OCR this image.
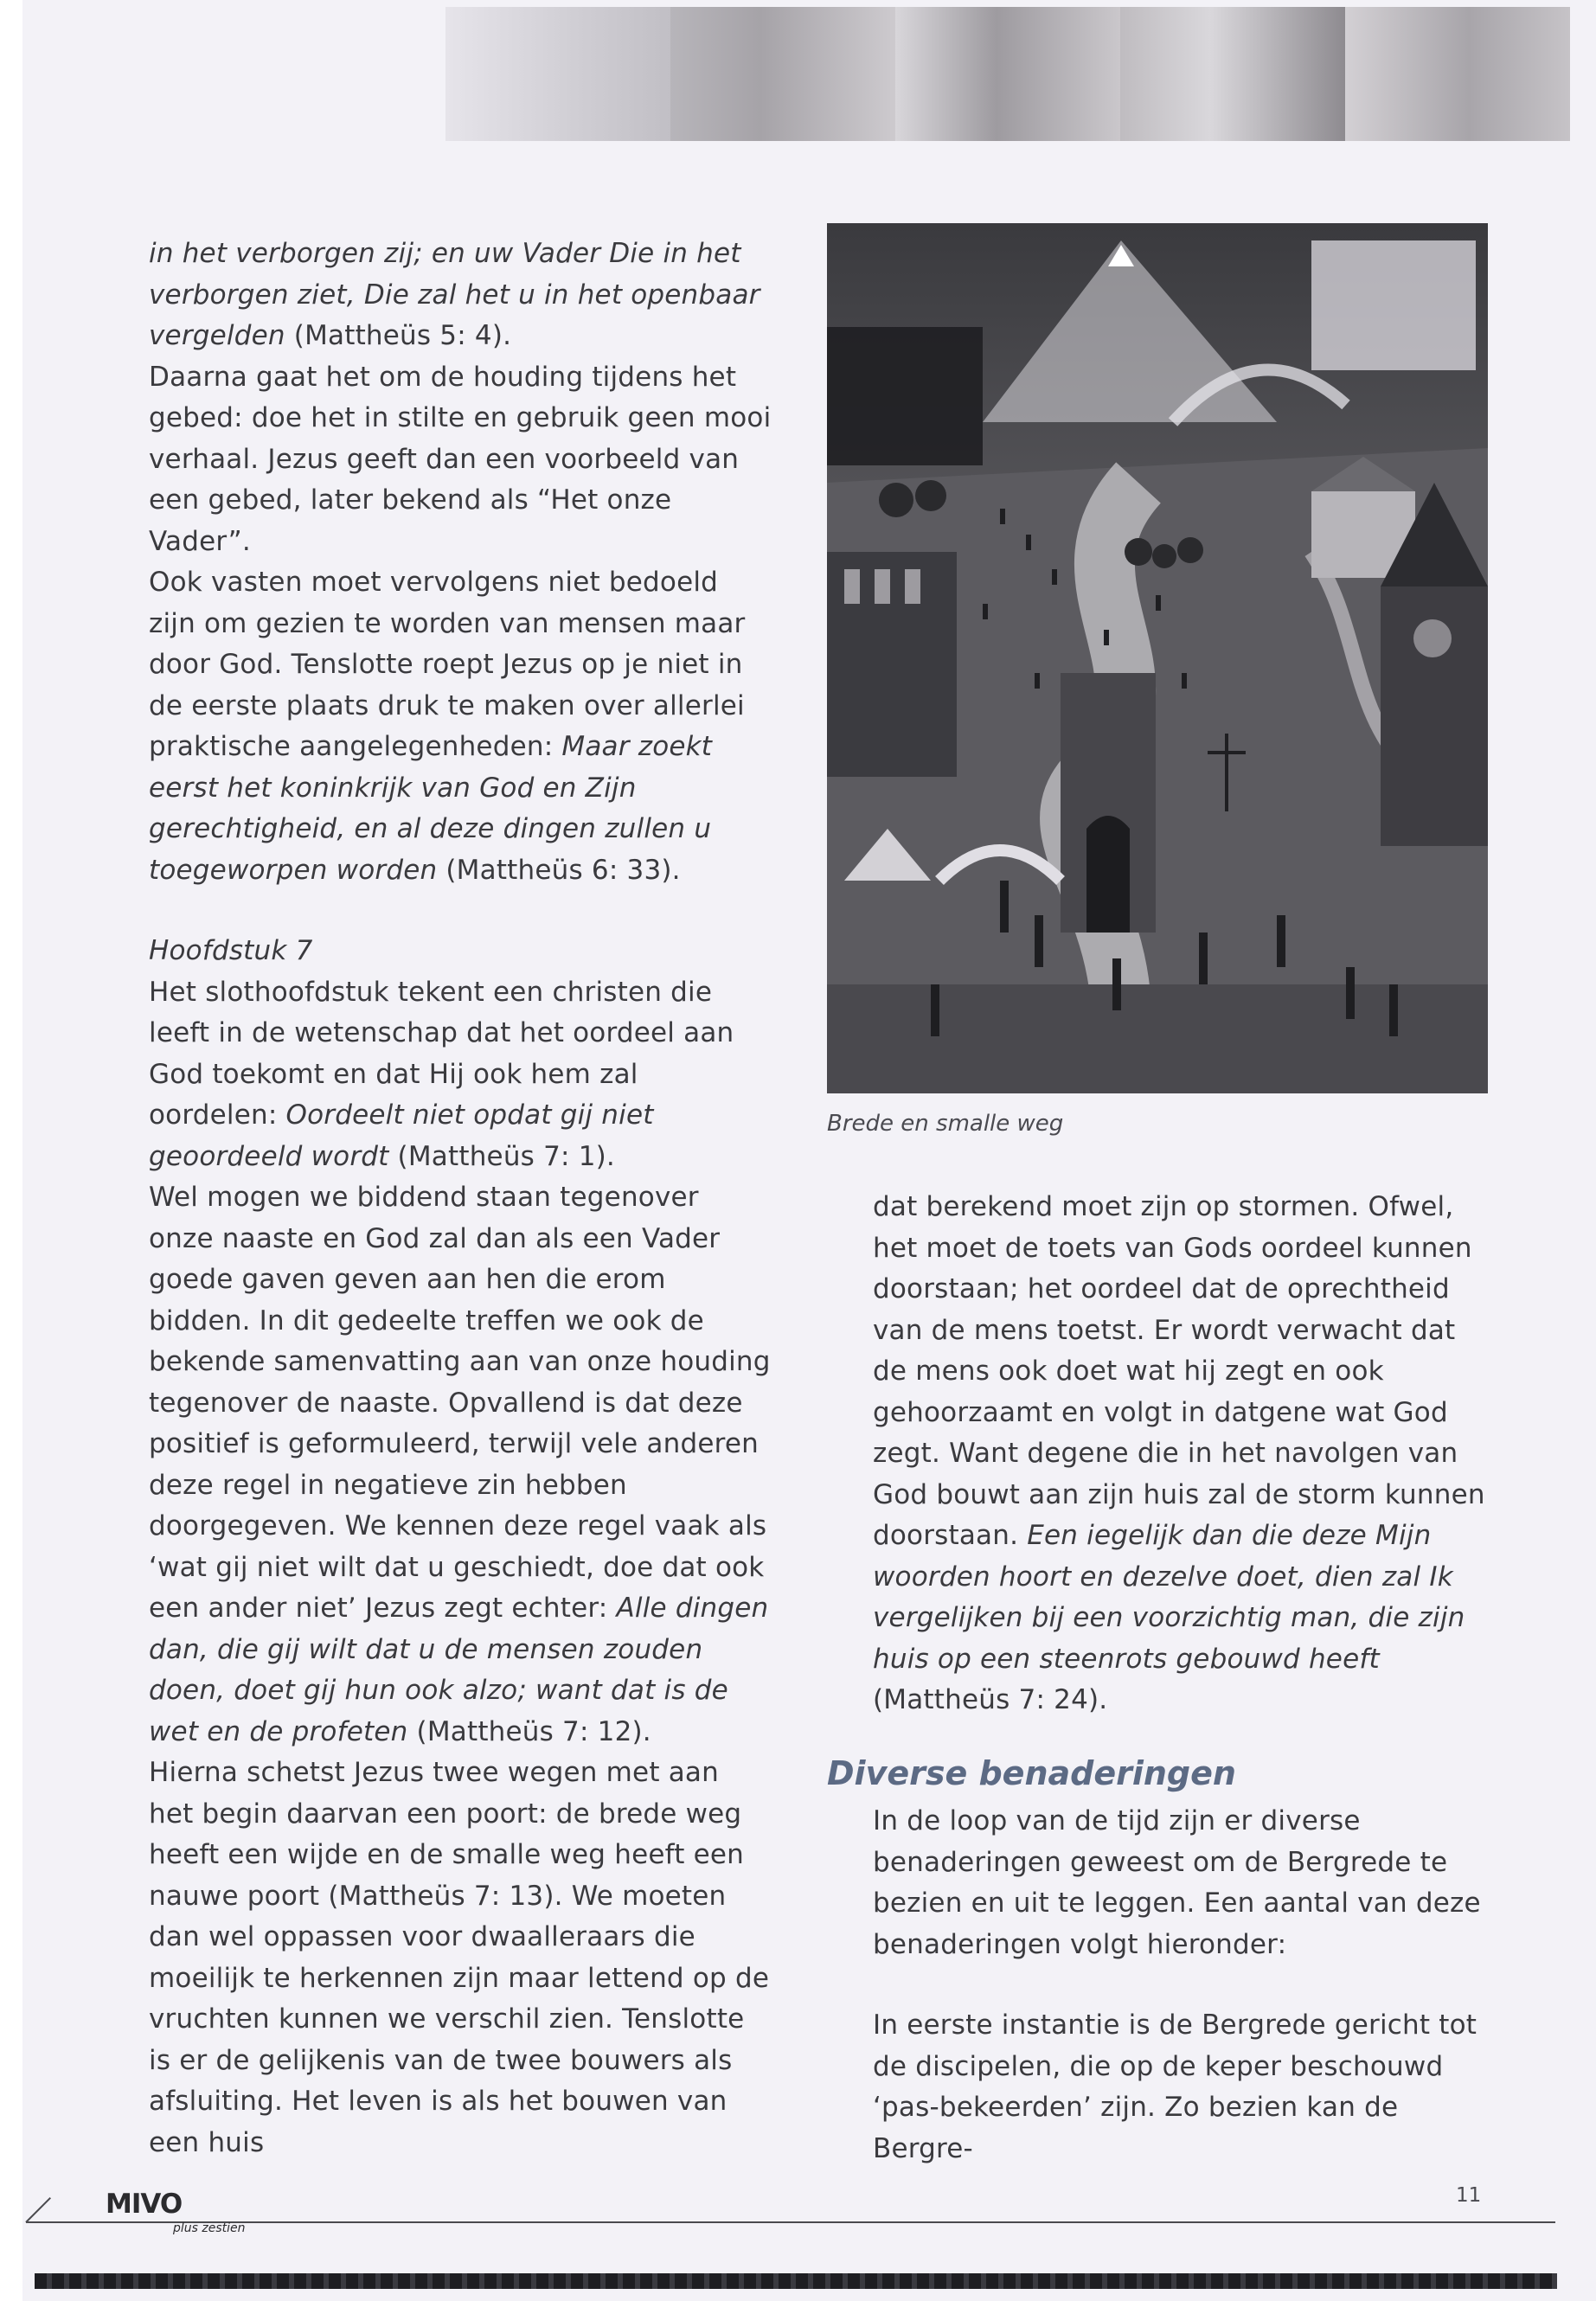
in het verborgen zij; en uw Vader Die in het verborgen ziet, Die zal het u in het openbaar vergelden (Mattheüs 5: 4).

Daarna gaat het om de houding tijdens het gebed: doe het in stilte en gebruik geen mooi verhaal. Jezus geeft dan een voorbeeld van een gebed, later bekend als “Het onze Vader”.

Ook vasten moet vervolgens niet bedoeld zijn om gezien te worden van mensen maar door God. Tenslotte roept Jezus op je niet in de eerste plaats druk te maken over allerlei praktische aangelegenheden: Maar zoekt eerst het koninkrijk van God en Zijn gerechtigheid, en al deze dingen zullen u toegeworpen worden (Mattheüs 6: 33).

Hoofdstuk 7

Het slothoofdstuk tekent een christen die leeft in de wetenschap dat het oordeel aan God toekomt en dat Hij ook hem zal oordelen: Oordeelt niet opdat gij niet geoordeeld wordt (Mattheüs 7: 1).

Wel mogen we biddend staan tegenover onze naaste en God zal dan als een Vader goede gaven geven aan hen die erom bidden. In dit gedeelte treffen we ook de bekende samenvatting aan van onze houding tegenover de naaste. Opvallend is dat deze positief is geformuleerd, terwijl vele anderen deze regel in negatieve zin hebben doorgegeven. We kennen deze regel vaak als ‘wat gij niet wilt dat u geschiedt, doe dat ook een ander niet’ Jezus zegt echter: Alle dingen dan, die gij wilt dat u de mensen zouden doen, doet gij hun ook alzo; want dat is de wet en de profeten (Mattheüs 7: 12).

Hierna schetst Jezus twee wegen met aan het begin daarvan een poort: de brede weg heeft een wijde en de smalle weg heeft een nauwe poort (Mattheüs 7: 13). We moeten dan wel oppassen voor dwaalleraars die moeilijk te herkennen zijn maar lettend op de vruchten kunnen we verschil zien. Tenslotte is er de gelijkenis van de twee bouwers als afsluiting. Het leven is als het bouwen van een huis

Brede en smalle weg

dat berekend moet zijn op stormen. Ofwel, het moet de toets van Gods oordeel kunnen doorstaan; het oordeel dat de oprechtheid van de mens toetst. Er wordt verwacht dat de mens ook doet wat hij zegt en ook gehoorzaamt en volgt in datgene wat God zegt. Want degene die in het navolgen van God bouwt aan zijn huis zal de storm kunnen doorstaan. Een iegelijk dan die deze Mijn woorden hoort en dezelve doet, dien zal Ik vergelijken bij een voorzichtig man, die zijn huis op een steenrots gebouwd heeft (Mattheüs 7: 24).

Diverse benaderingen

In de loop van de tijd zijn er diverse benaderingen geweest om de Bergrede te bezien en uit te leggen. Een aantal van deze benaderingen volgt hieronder:

In eerste instantie is de Bergrede gericht tot de discipelen, die op de keper beschouwd ‘pas-bekeerden’ zijn. Zo bezien kan de Bergre-

11
MIVO
plus zestien
